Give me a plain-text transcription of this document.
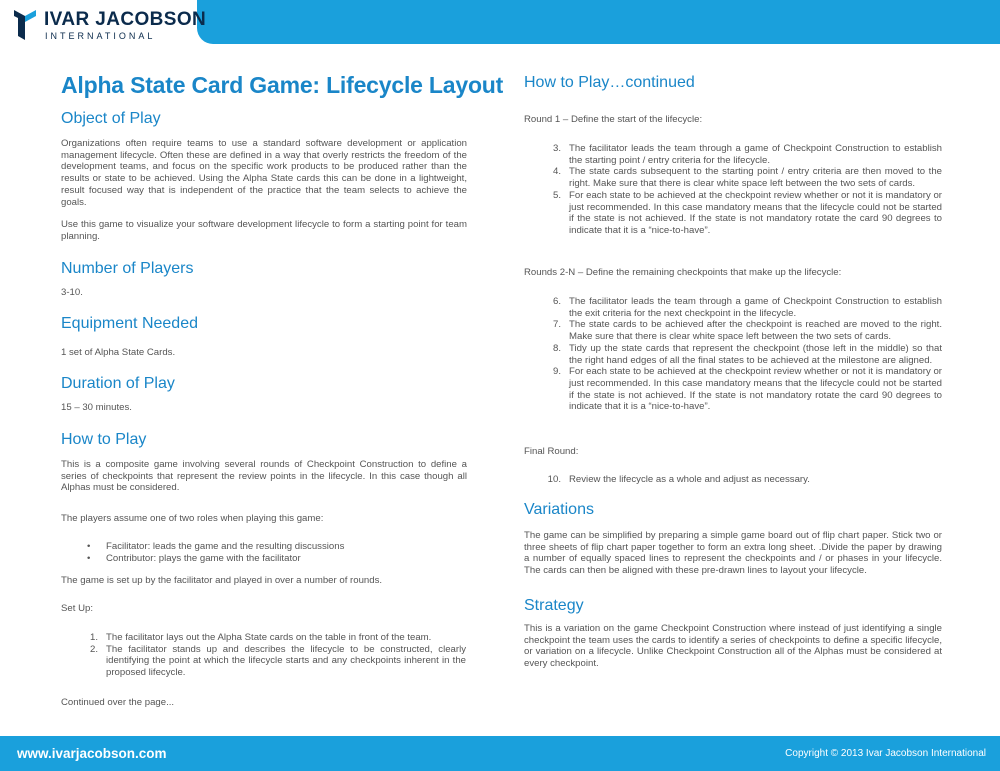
IVAR JACOBSON
INTERNATIONAL
Alpha State Card Game: Lifecycle Layout
Object of Play

Organizations often require teams to use a standard software development or application management lifecycle. Often these are defined in a way that overly restricts the freedom of the development teams, and focus on the specific work products to be produced rather than the results or state to be achieved. Using the Alpha State cards this can be done in a lightweight, result focused way that is independent of the practice that the team selects to achieve the goals.

Use this game to visualize your software development lifecycle to form a starting point for team planning.

Number of Players

3-10.

Equipment Needed

1 set of Alpha State Cards.

Duration of Play

15 – 30 minutes.

How to Play

This is a composite game involving several rounds of Checkpoint Construction to define a series of checkpoints that represent the review points in the lifecycle. In this case though all Alphas must be considered.

The players assume one of two roles when playing this game:

• Facilitator: leads the game and the resulting discussions
• Contributor: plays the game with the facilitator

The game is set up by the facilitator and played in over a number of rounds.

Set Up:

1. The facilitator lays out the Alpha State cards on the table in front of the team.
2. The facilitator stands up and describes the lifecycle to be constructed, clearly identifying the point at which the lifecycle starts and any checkpoints inherent in the proposed lifecycle.

Continued over the page...

How to Play…continued

Round 1 – Define the start of the lifecycle:

3. The facilitator leads the team through a game of Checkpoint Construction to establish the starting point / entry criteria for the lifecycle.
4. The state cards subsequent to the starting point / entry criteria are then moved to the right. Make sure that there is clear white space left between the two sets of cards.
5. For each state to be achieved at the checkpoint review whether or not it is mandatory or just recommended. In this case mandatory means that the lifecycle could not be started if the state is not achieved. If the state is not mandatory rotate the card 90 degrees to indicate that it is a “nice-to-have”.

Rounds 2-N – Define the remaining checkpoints that make up the lifecycle:

6. The facilitator leads the team through a game of Checkpoint Construction to establish the exit criteria for the next checkpoint in the lifecycle.
7. The state cards to be achieved after the checkpoint is reached are moved to the right. Make sure that there is clear white space left between the two sets of cards.
8. Tidy up the state cards that represent the checkpoint (those left in the middle) so that the right hand edges of all the final states to be achieved at the milestone are aligned.
9. For each state to be achieved at the checkpoint review whether or not it is mandatory or just recommended. In this case mandatory means that the lifecycle could not be started if the state is not achieved. If the state is not mandatory rotate the card 90 degrees to indicate that it is a “nice-to-have”.

Final Round:

10. Review the lifecycle as a whole and adjust as necessary.
Variations

The game can be simplified by preparing a simple game board out of flip chart paper. Stick two or three sheets of flip chart paper together to form an extra long sheet. .Divide the paper by drawing a number of equally spaced lines to represent the checkpoints and / or phases in your lifecycle. The cards can then be aligned with these pre-drawn lines to layout your lifecycle.

Strategy

This is a variation on the game Checkpoint Construction where instead of just identifying a single checkpoint the team uses the cards to identify a series of checkpoints to define a specific lifecycle, or variation on a lifecycle. Unlike Checkpoint Construction all of the Alphas must be considered at every checkpoint.

www.ivarjacobson.com	Copyright © 2013 Ivar Jacobson International
